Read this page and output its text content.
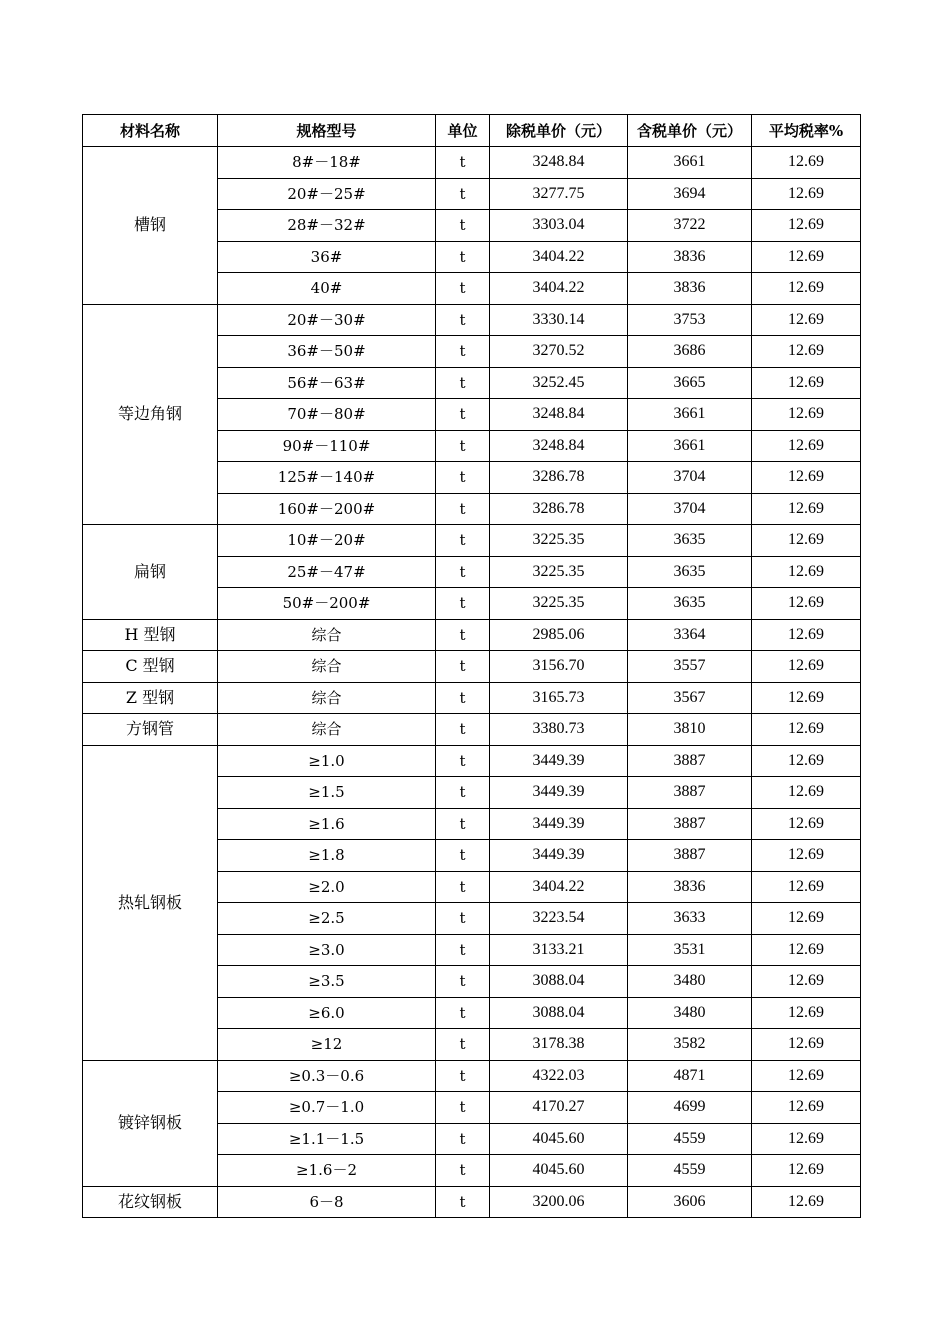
材料名称	规格型号	单位	除税单价（元）	含税单价（元）	平均税率%
槽钢	8#－18#	t	3248.84	3661	12.69
	20#－25#	t	3277.75	3694	12.69
	28#－32#	t	3303.04	3722	12.69
	36#	t	3404.22	3836	12.69
	40#	t	3404.22	3836	12.69
等边角钢	20#－30#	t	3330.14	3753	12.69
	36#－50#	t	3270.52	3686	12.69
	56#－63#	t	3252.45	3665	12.69
	70#－80#	t	3248.84	3661	12.69
	90#－110#	t	3248.84	3661	12.69
	125#－140#	t	3286.78	3704	12.69
	160#－200#	t	3286.78	3704	12.69
扁钢	10#－20#	t	3225.35	3635	12.69
	25#－47#	t	3225.35	3635	12.69
	50#－200#	t	3225.35	3635	12.69
H 型钢	综合	t	2985.06	3364	12.69
C 型钢	综合	t	3156.70	3557	12.69
Z 型钢	综合	t	3165.73	3567	12.69
方钢管	综合	t	3380.73	3810	12.69
热轧钢板	≥1.0	t	3449.39	3887	12.69
	≥1.5	t	3449.39	3887	12.69
	≥1.6	t	3449.39	3887	12.69
	≥1.8	t	3449.39	3887	12.69
	≥2.0	t	3404.22	3836	12.69
	≥2.5	t	3223.54	3633	12.69
	≥3.0	t	3133.21	3531	12.69
	≥3.5	t	3088.04	3480	12.69
	≥6.0	t	3088.04	3480	12.69
	≥12	t	3178.38	3582	12.69
镀锌钢板	≥0.3－0.6	t	4322.03	4871	12.69
	≥0.7－1.0	t	4170.27	4699	12.69
	≥1.1－1.5	t	4045.60	4559	12.69
	≥1.6－2	t	4045.60	4559	12.69
花纹钢板	6－8	t	3200.06	3606	12.69
